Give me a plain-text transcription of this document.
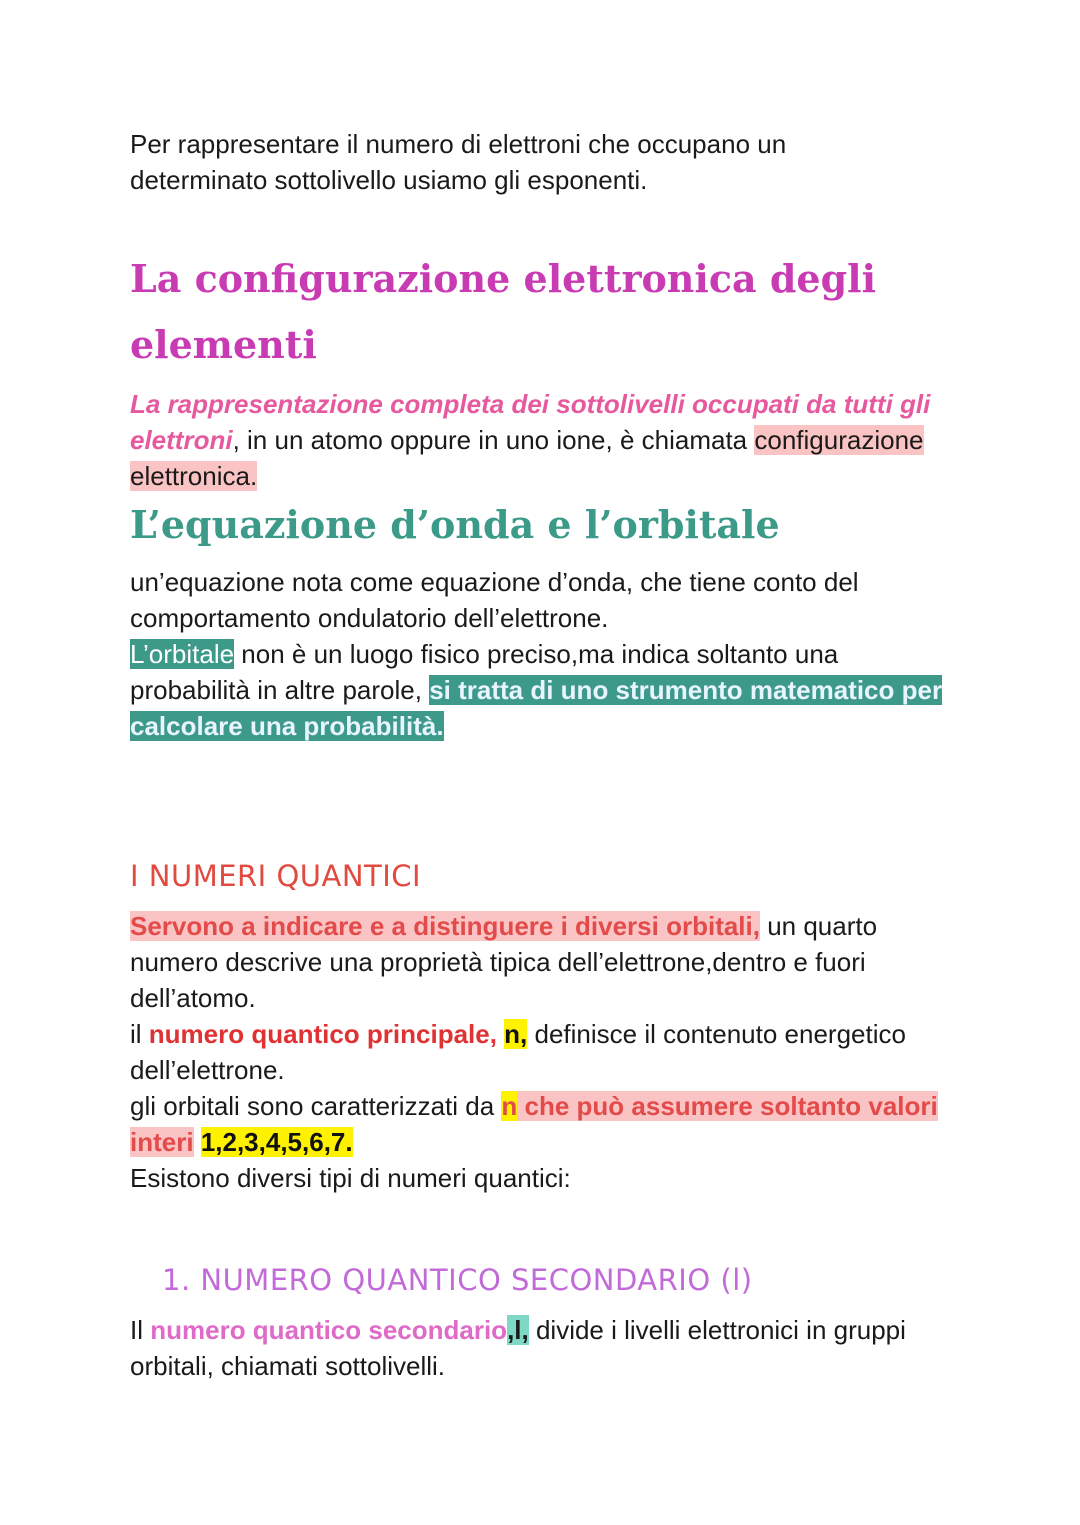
Per rappresentare il numero di elettroni che occupano un
determinato sottolivello usiamo gli esponenti.

La configurazione elettronica degli
elementi

La rappresentazione completa dei sottolivelli occupati da tutti gli elettroni, in un atomo oppure in uno ione, è chiamata configurazione elettronica.

L’equazione d’onda e l’orbitale

un’equazione nota come equazione d’onda, che tiene conto del
comportamento ondulatorio dell’elettrone.
L’orbitale non è un luogo fisico preciso,ma indica soltanto una probabilità in altre parole, si tratta di uno strumento matematico per calcolare una probabilità.

I NUMERI QUANTICI

Servono a indicare e a distinguere i diversi orbitali, un quarto numero descrive una proprietà tipica dell’elettrone,dentro e fuori dell’atomo.

il numero quantico principale, n, definisce il contenuto energetico dell’elettrone.

gli orbitali sono caratterizzati da n che può assumere soltanto valori interi 1,2,3,4,5,6,7.

Esistono diversi tipi di numeri quantici:

1. NUMERO QUANTICO SECONDARIO (l)

Il numero quantico secondario,l, divide i livelli elettronici in gruppi orbitali, chiamati sottolivelli.
